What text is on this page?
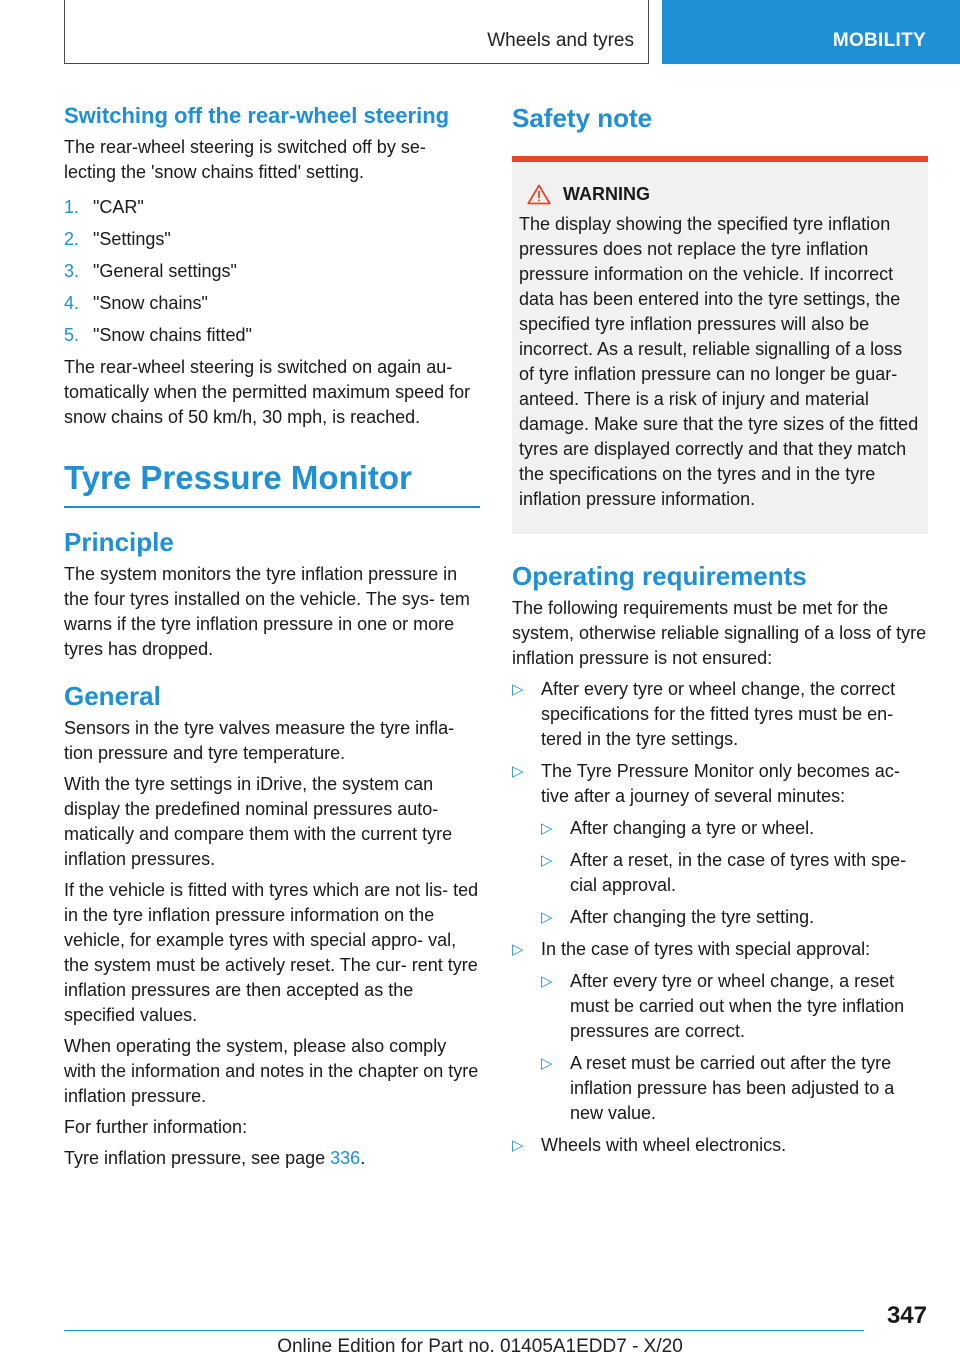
Wheels and tyres	MOBILITY
Switching off the rear-wheel steering
The rear-wheel steering is switched off by se- lecting the 'snow chains fitted' setting.
1. "CAR"
2. "Settings"
3. "General settings"
4. "Snow chains"
5. "Snow chains fitted"
The rear-wheel steering is switched on again au- tomatically when the permitted maximum speed for snow chains of 50 km/h, 30 mph, is reached.
Tyre Pressure Monitor
Principle
The system monitors the tyre inflation pressure in the four tyres installed on the vehicle. The sys- tem warns if the tyre inflation pressure in one or more tyres has dropped.
General
Sensors in the tyre valves measure the tyre infla- tion pressure and tyre temperature.
With the tyre settings in iDrive, the system can display the predefined nominal pressures auto- matically and compare them with the current tyre inflation pressures.
If the vehicle is fitted with tyres which are not lis- ted in the tyre inflation pressure information on the vehicle, for example tyres with special appro- val, the system must be actively reset. The cur- rent tyre inflation pressures are then accepted as the specified values.
When operating the system, please also comply with the information and notes in the chapter on tyre inflation pressure.
For further information:
Tyre inflation pressure, see page 336.
Safety note
WARNING
The display showing the specified tyre inflation pressures does not replace the tyre inflation pressure information on the vehicle. If incorrect data has been entered into the tyre settings, the specified tyre inflation pressures will also be incorrect. As a result, reliable signalling of a loss of tyre inflation pressure can no longer be guar- anteed. There is a risk of injury and material damage. Make sure that the tyre sizes of the fitted tyres are displayed correctly and that they match the specifications on the tyres and in the tyre inflation pressure information.
Operating requirements
The following requirements must be met for the system, otherwise reliable signalling of a loss of tyre inflation pressure is not ensured:
▷ After every tyre or wheel change, the correct specifications for the fitted tyres must be en- tered in the tyre settings.
▷ The Tyre Pressure Monitor only becomes ac- tive after a journey of several minutes:
▷ After changing a tyre or wheel.
▷ After a reset, in the case of tyres with spe- cial approval.
▷ After changing the tyre setting.
▷ In the case of tyres with special approval:
▷ After every tyre or wheel change, a reset must be carried out when the tyre inflation pressures are correct.
▷ A reset must be carried out after the tyre inflation pressure has been adjusted to a new value.
▷ Wheels with wheel electronics.
347
Online Edition for Part no. 01405A1EDD7 - X/20
